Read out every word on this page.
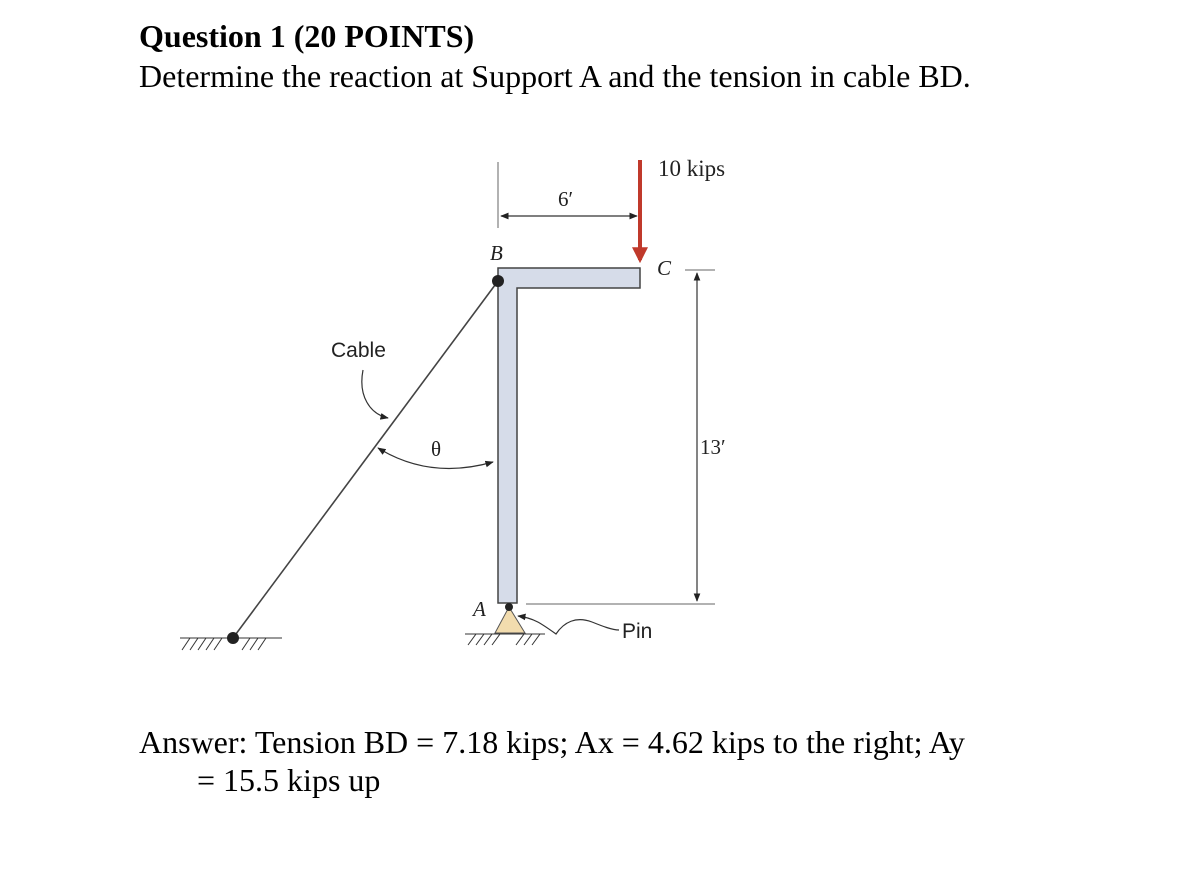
Question 1 (20 POINTS)
Determine the reaction at Support A and the tension in cable BD.
10 kips
6′
13′
B
C
A
Cable
θ
Pin
Answer: Tension BD = 7.18 kips; Ax = 4.62 kips to the right; Ay
= 15.5 kips up
